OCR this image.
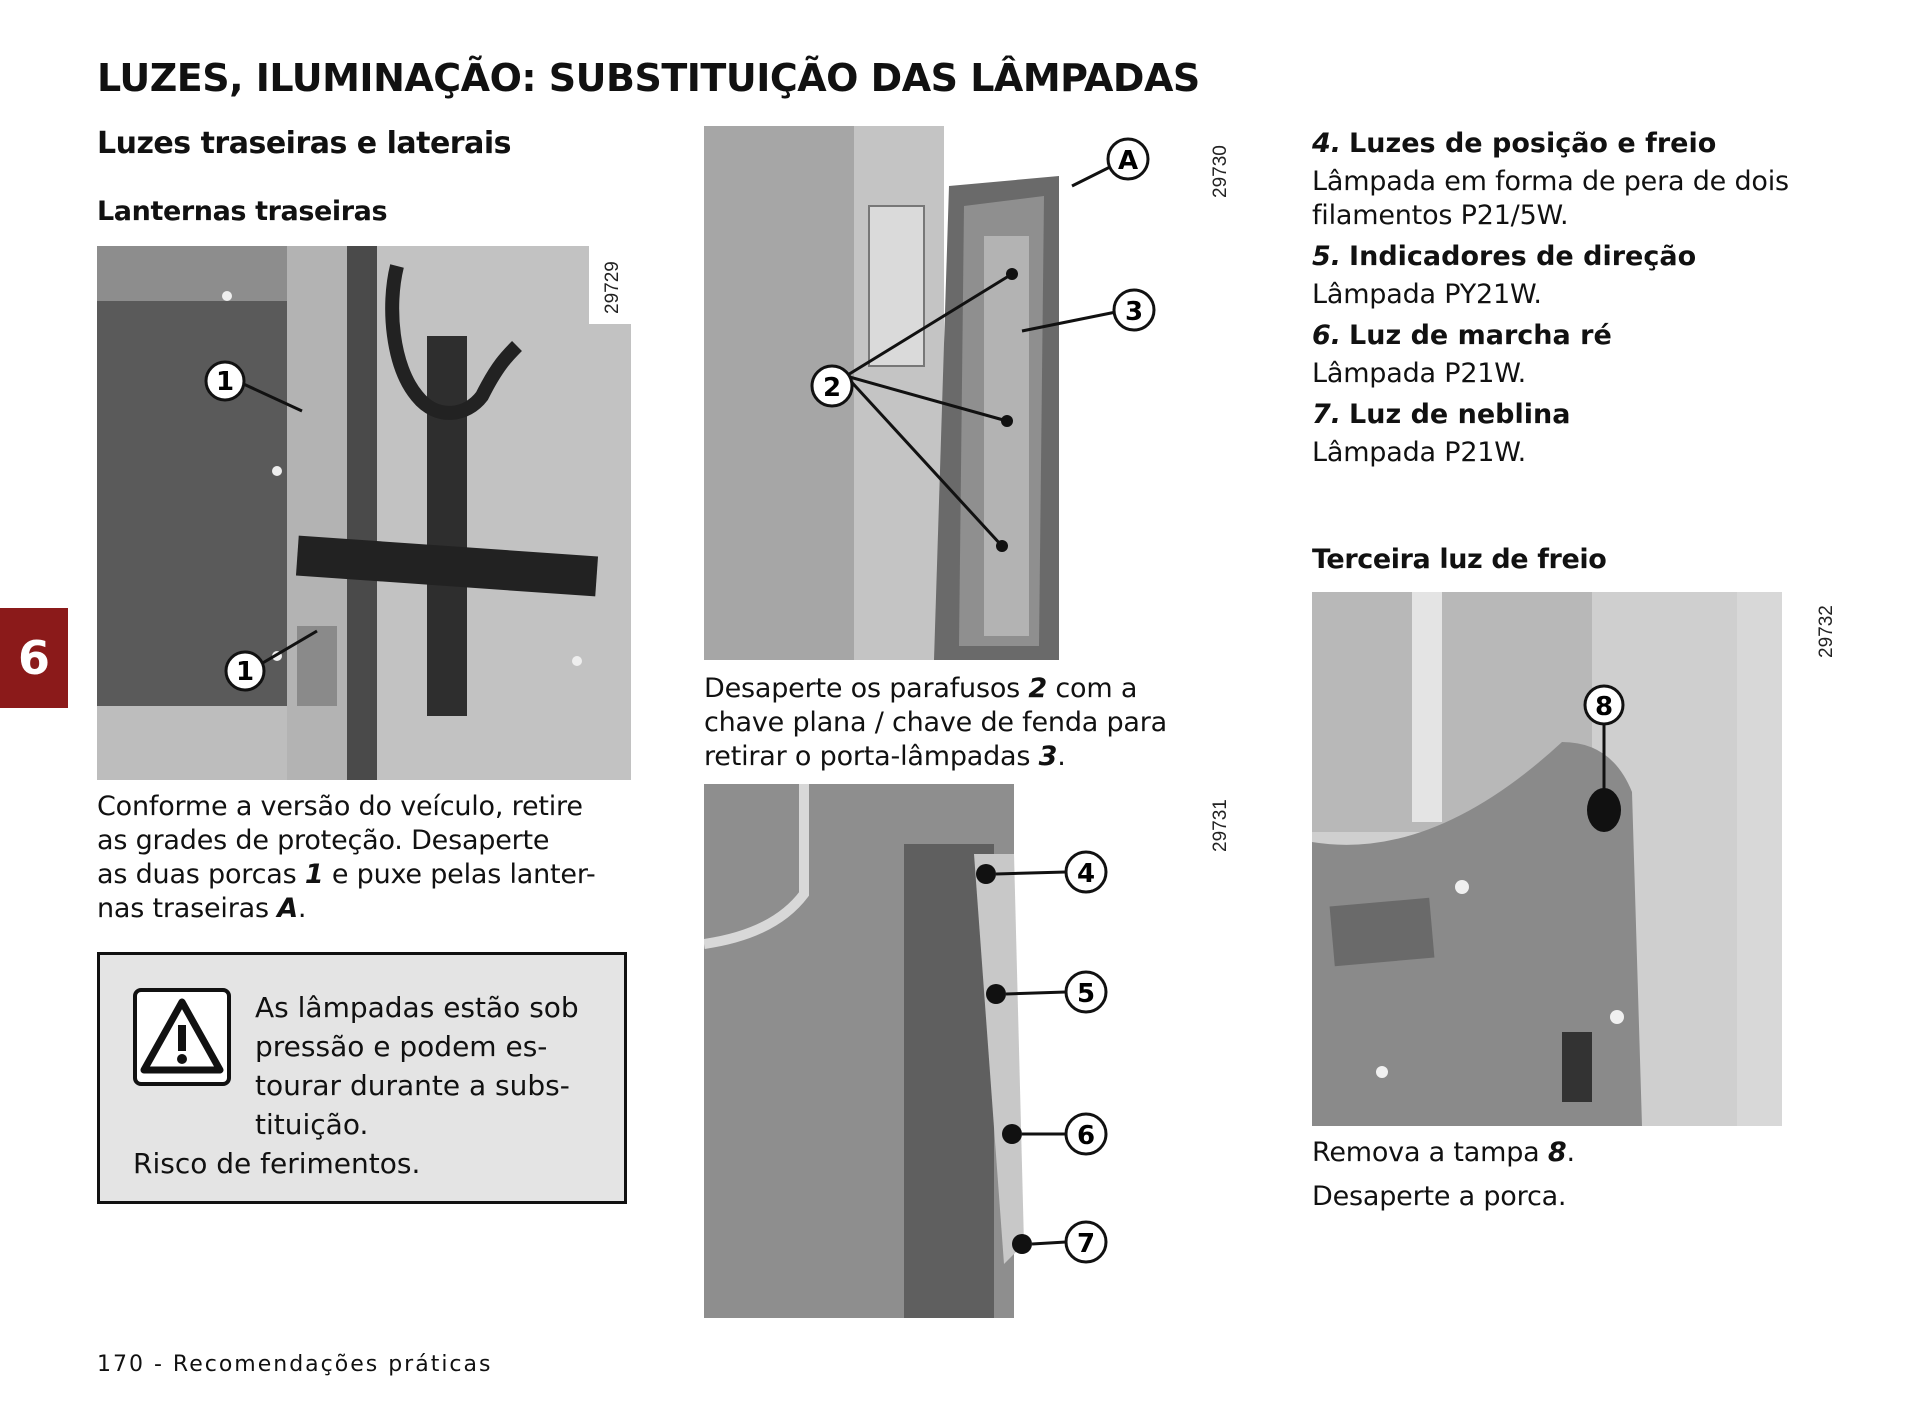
LUZES, ILUMINAÇÃO: SUBSTITUIÇÃO DAS LÂMPADAS
6
Luzes traseiras e laterais
Lanternas traseiras
1
1
29729

Conforme a versão do veículo, retire

as grades de proteção. Desaperte

as duas porcas 1 e puxe pelas lanter-

nas traseiras A.

As lâmpadas estão sob pressão e podem es-tourar durante a subs-tituição.
Risco de ferimentos.
A
2
3
29730

Desaperte os parafusos 2 com a

chave plana / chave de fenda para

retirar o porta-lâmpadas 3.

4
5
6
7
29731
4. Luzes de posição e freio
Lâmpada em forma de pera de dois filamentos P21/5W.
5. Indicadores de direção
Lâmpada PY21W.
6. Luz de marcha ré
Lâmpada P21W.
7. Luz de neblina
Lâmpada P21W.
Terceira luz de freio
8
29732

Remova a tampa 8.

Desaperte a porca.

170 - Recomendações práticas
